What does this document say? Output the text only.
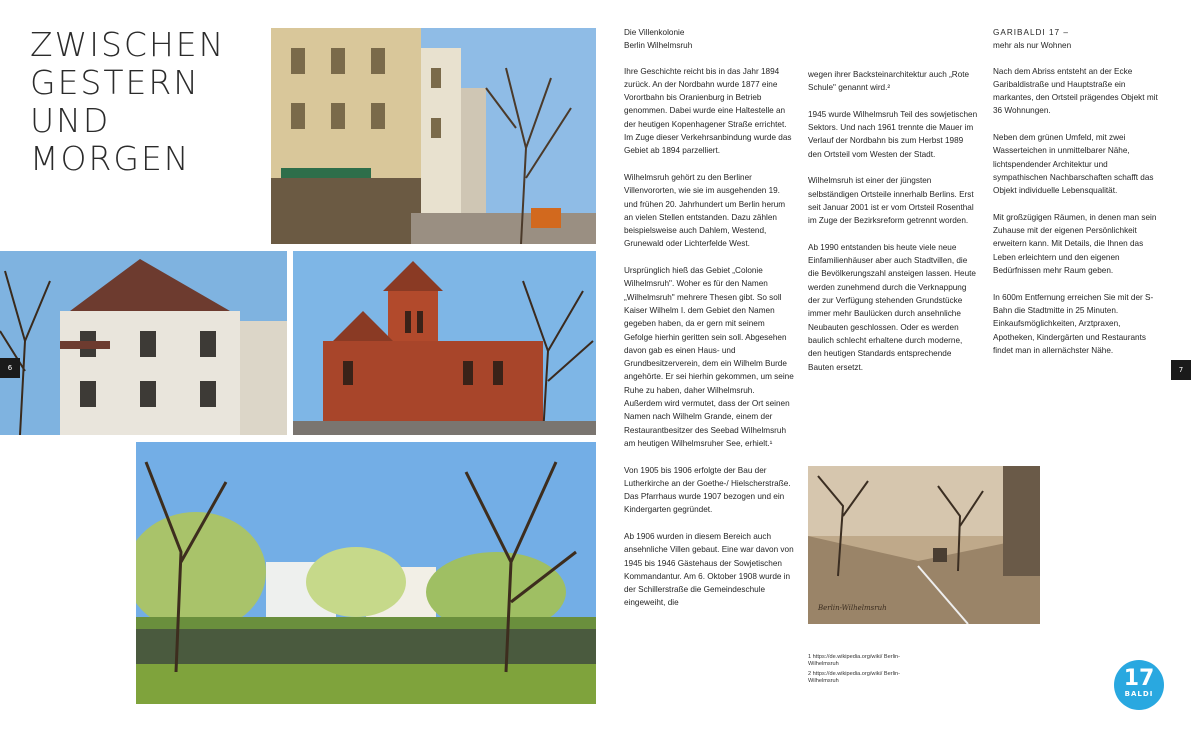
ZWISCHEN
GESTERN
UND
MORGEN
Berlin-Wilhelmsruh
6	7
Die Villenkolonie
Berlin Wilhelmsruh

Ihre Geschichte reicht bis in das Jahr 1894 zurück. An der Nordbahn wurde 1877 eine Vorortbahn bis Oranienburg in Betrieb genommen. Dabei wurde eine Haltestelle an der heutigen Kopenhagener Straße errichtet. Im Zuge dieser Verkehrsanbindung wurde das Gebiet ab 1894 parzelliert.

Wilhelmsruh gehört zu den Berliner Villenvororten, wie sie im ausgehenden 19. und frühen 20. Jahrhundert um Berlin herum an vielen Stellen entstanden. Dazu zählen beispielsweise auch Dahlem, Westend, Grunewald oder Lichterfelde West.

Ursprünglich hieß das Gebiet „Colonie Wilhelmsruh". Woher es für den Namen „Wilhelmsruh" mehrere Thesen gibt. So soll Kaiser Wilhelm I. dem Gebiet den Namen gegeben haben, da er gern mit seinem Gefolge hierhin geritten sein soll. Abgesehen davon gab es einen Haus- und Grundbesitzerverein, dem ein Wilhelm Burde angehörte. Er sei hierhin gekommen, um seine Ruhe zu haben, daher Wilhelmsruh. Außerdem wird vermutet, dass der Ort seinen Namen nach Wilhelm Grande, einem der Restaurantbesitzer des Seebad Wilhelmsruh am heutigen Wilhelmsruher See, erhielt.¹

Von 1905 bis 1906 erfolgte der Bau der Lutherkirche an der Goethe-/ Hielscherstraße. Das Pfarrhaus wurde 1907 bezogen und ein Kindergarten gegründet.

Ab 1906 wurden in diesem Bereich auch ansehnliche Villen gebaut. Eine war davon von 1945 bis 1946 Gästehaus der Sowjetischen Kommandantur. Am 6. Oktober 1908 wurde in der Schillerstraße die Gemeindeschule eingeweiht, die

wegen ihrer Backsteinarchitektur auch „Rote Schule" genannt wird.²

1945 wurde Wilhelmsruh Teil des sowjetischen Sektors. Und nach 1961 trennte die Mauer im Verlauf der Nordbahn bis zum Herbst 1989 den Ortsteil vom Westen der Stadt.

Wilhelmsruh ist einer der jüngsten selbständigen Ortsteile innerhalb Berlins. Erst seit Januar 2001 ist er vom Ortsteil Rosenthal im Zuge der Bezirksreform getrennt worden.

Ab 1990 entstanden bis heute viele neue Einfamilienhäuser aber auch Stadtvillen, die die Bevölkerungszahl ansteigen lassen. Heute werden zunehmend durch die Verknappung der zur Verfügung stehenden Grundstücke immer mehr Baulücken durch ansehnliche Neubauten geschlossen. Oder es werden baulich schlecht erhaltene durch moderne, den heutigen Standards entsprechende Bauten ersetzt.

GARIBALDI 17 –
mehr als nur Wohnen

Nach dem Abriss entsteht an der Ecke Garibaldistraße und Hauptstraße ein markantes, den Ortsteil prägendes Objekt mit 36 Wohnungen.

Neben dem grünen Umfeld, mit zwei Wasserteichen in unmittelbarer Nähe, lichtspendender Architektur und sympathischen Nachbarschaften schafft das Objekt individuelle Lebensqualität.

Mit großzügigen Räumen, in denen man sein Zuhause mit der eigenen Persönlichkeit erweitern kann. Mit Details, die Ihnen das Leben erleichtern und den eigenen Bedürfnissen mehr Raum geben.

In 600m Entfernung erreichen Sie mit der S-Bahn die Stadtmitte in 25 Minuten. Einkaufsmöglichkeiten, Arztpraxen, Apotheken, Kindergärten und Restaurants findet man in allernächster Nähe.

1 https://de.wikipedia.org/wiki/ Berlin-Wilhelmsruh

2 https://de.wikipedia.org/wiki/ Berlin-Wilhelmsruh	17
BALDI
